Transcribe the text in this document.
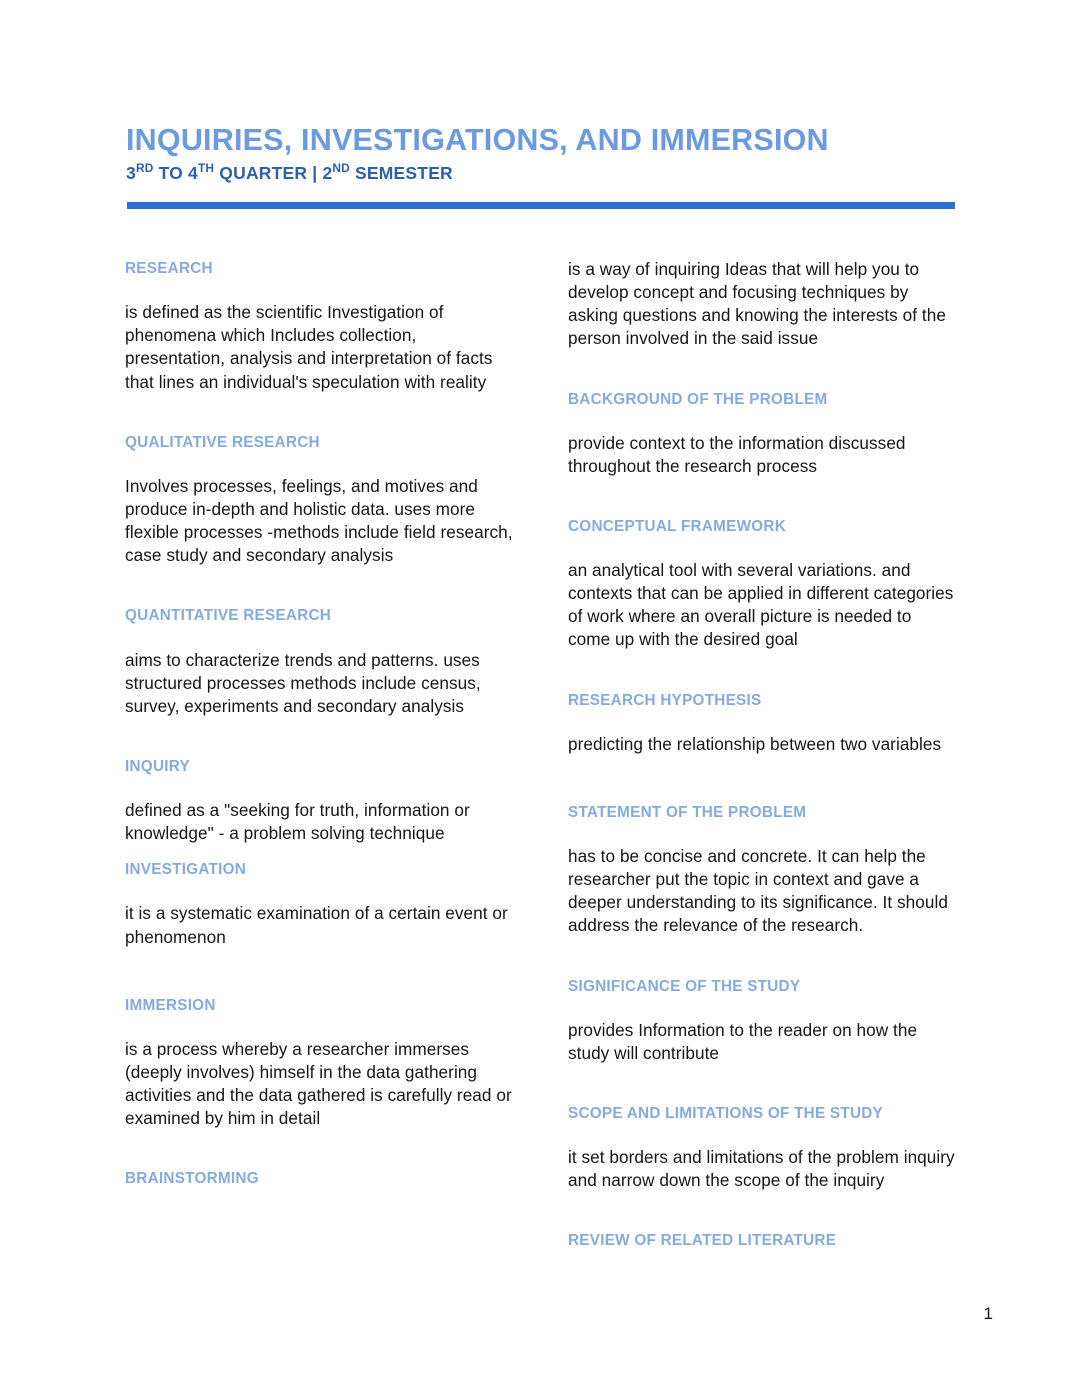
INQUIRIES, INVESTIGATIONS, AND IMMERSION
3RD TO 4TH QUARTER | 2ND SEMESTER
RESEARCH

is defined as the scientific Investigation of phenomena which Includes collection, presentation, analysis and interpretation of facts that lines an individual's speculation with reality

QUALITATIVE RESEARCH

Involves processes, feelings, and motives and produce in-depth and holistic data. uses more flexible processes -methods include field research, case study and secondary analysis

QUANTITATIVE RESEARCH

aims to characterize trends and patterns. uses structured processes methods include census, survey, experiments and secondary analysis

INQUIRY

defined as a "seeking for truth, information or knowledge" - a problem solving technique

INVESTIGATION

it is a systematic examination of a certain event or phenomenon

IMMERSION

is a process whereby a researcher immerses (deeply involves) himself in the data gathering activities and the data gathered is carefully read or examined by him in detail

BRAINSTORMING

is a way of inquiring Ideas that will help you to develop concept and focusing techniques by asking questions and knowing the interests of the person involved in the said issue

BACKGROUND OF THE PROBLEM

provide context to the information discussed throughout the research process

CONCEPTUAL FRAMEWORK

an analytical tool with several variations. and contexts that can be applied in different categories of work where an overall picture is needed to come up with the desired goal

RESEARCH HYPOTHESIS

predicting the relationship between two variables

STATEMENT OF THE PROBLEM

has to be concise and concrete. It can help the researcher put the topic in context and gave a deeper understanding to its significance. It should address the relevance of the research.

SIGNIFICANCE OF THE STUDY

provides Information to the reader on how the study will contribute

SCOPE AND LIMITATIONS OF THE STUDY

it set borders and limitations of the problem inquiry and narrow down the scope of the inquiry

REVIEW OF RELATED LITERATURE
1
